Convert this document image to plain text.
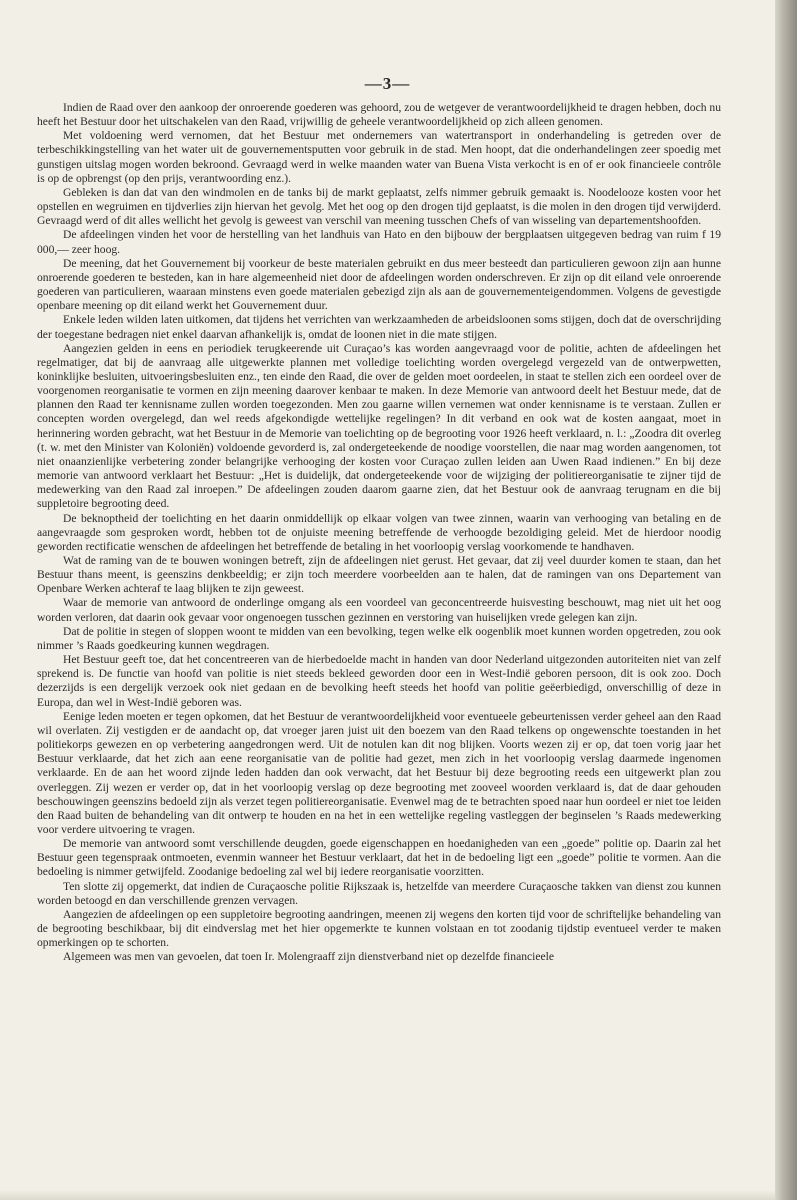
—3—

Indien de Raad over den aankoop der onroerende goederen was gehoord, zou de wetgever de verantwoordelijkheid te dragen hebben, doch nu heeft het Bestuur door het uitschakelen van den Raad, vrijwillig de geheele verantwoordelijkheid op zich alleen genomen.

Met voldoening werd vernomen, dat het Bestuur met ondernemers van watertransport in onderhandeling is getreden over de terbeschikkingstelling van het water uit de gouvernementsputten voor gebruik in de stad. Men hoopt, dat die onderhandelingen zeer spoedig met gunstigen uitslag mogen worden bekroond. Gevraagd werd in welke maanden water van Buena Vista verkocht is en of er ook financieele contrôle is op de opbrengst (op den prijs, verantwoording enz.).

Gebleken is dan dat van den windmolen en de tanks bij de markt geplaatst, zelfs nimmer gebruik gemaakt is. Noodelooze kosten voor het opstellen en wegruimen en tijdverlies zijn hiervan het gevolg. Met het oog op den drogen tijd geplaatst, is die molen in den drogen tijd verwijderd. Gevraagd werd of dit alles wellicht het gevolg is geweest van verschil van meening tusschen Chefs of van wisseling van departementshoofden.

De afdeelingen vinden het voor de herstelling van het landhuis van Hato en den bijbouw der bergplaatsen uitgegeven bedrag van ruim f 19 000,— zeer hoog.

De meening, dat het Gouvernement bij voorkeur de beste materialen gebruikt en dus meer besteedt dan particulieren gewoon zijn aan hunne onroerende goederen te besteden, kan in hare algemeenheid niet door de afdeelingen worden onderschreven. Er zijn op dit eiland vele onroerende goederen van particulieren, waaraan minstens even goede materialen gebezigd zijn als aan de gouvernementeigendommen. Volgens de gevestigde openbare meening op dit eiland werkt het Gouvernement duur.

Enkele leden wilden laten uitkomen, dat tijdens het verrichten van werkzaamheden de arbeidsloonen soms stijgen, doch dat de overschrijding der toegestane bedragen niet enkel daarvan afhankelijk is, omdat de loonen niet in die mate stijgen.

Aangezien gelden in eens en periodiek terugkeerende uit Curaçao’s kas worden aangevraagd voor de politie, achten de afdeelingen het regelmatiger, dat bij de aanvraag alle uitgewerkte plannen met volledige toelichting worden overgelegd vergezeld van de ontwerpwetten, koninklijke besluiten, uitvoeringsbesluiten enz., ten einde den Raad, die over de gelden moet oordeelen, in staat te stellen zich een oordeel over de voorgenomen reorganisatie te vormen en zijn meening daarover kenbaar te maken. In deze Memorie van antwoord deelt het Bestuur mede, dat de plannen den Raad ter kennisname zullen worden toegezonden. Men zou gaarne willen vernemen wat onder kennisname is te verstaan. Zullen er concepten worden overgelegd, dan wel reeds afgekondigde wettelijke regelingen? In dit verband en ook wat de kosten aangaat, moet in herinnering worden gebracht, wat het Bestuur in de Memorie van toelichting op de begrooting voor 1926 heeft verklaard, n. l.: „Zoodra dit overleg (t. w. met den Minister van Koloniën) voldoende gevorderd is, zal ondergeteekende de noodige voorstellen, die naar mag worden aangenomen, tot niet onaanzienlijke verbetering zonder belangrijke verhooging der kosten voor Curaçao zullen leiden aan Uwen Raad indienen.” En bij deze memorie van antwoord verklaart het Bestuur: „Het is duidelijk, dat ondergeteekende voor de wijziging der politiereorganisatie te zijner tijd de medewerking van den Raad zal inroepen.” De afdeelingen zouden daarom gaarne zien, dat het Bestuur ook de aanvraag terugnam en die bij suppletoire begrooting deed.

De beknoptheid der toelichting en het daarin onmiddellijk op elkaar volgen van twee zinnen, waarin van verhooging van betaling en de aangevraagde som gesproken wordt, hebben tot de onjuiste meening betreffende de verhoogde bezoldiging geleid. Met de hierdoor noodig geworden rectificatie wenschen de afdeelingen het betreffende de betaling in het voorloopig verslag voorkomende te handhaven.

Wat de raming van de te bouwen woningen betreft, zijn de afdeelingen niet gerust. Het gevaar, dat zij veel duurder komen te staan, dan het Bestuur thans meent, is geenszins denkbeeldig; er zijn toch meerdere voorbeelden aan te halen, dat de ramingen van ons Departement van Openbare Werken achteraf te laag blijken te zijn geweest.

Waar de memorie van antwoord de onderlinge omgang als een voordeel van geconcentreerde huisvesting beschouwt, mag niet uit het oog worden verloren, dat daarin ook gevaar voor ongenoegen tusschen gezinnen en verstoring van huiselijken vrede gelegen kan zijn.

Dat de politie in stegen of sloppen woont te midden van een bevolking, tegen welke elk oogenblik moet kunnen worden opgetreden, zou ook nimmer ’s Raads goedkeuring kunnen wegdragen.

Het Bestuur geeft toe, dat het concentreeren van de hierbedoelde macht in handen van door Nederland uitgezonden autoriteiten niet van zelf sprekend is. De functie van hoofd van politie is niet steeds bekleed geworden door een in West-Indië geboren persoon, dit is ook zoo. Doch dezerzijds is een dergelijk verzoek ook niet gedaan en de bevolking heeft steeds het hoofd van politie geëerbiedigd, onverschillig of deze in Europa, dan wel in West-Indië geboren was.

Eenige leden moeten er tegen opkomen, dat het Bestuur de verantwoordelijkheid voor eventueele gebeurtenissen verder geheel aan den Raad wil overlaten. Zij vestigden er de aandacht op, dat vroeger jaren juist uit den boezem van den Raad telkens op ongewenschte toestanden in het politiekorps gewezen en op verbetering aangedrongen werd. Uit de notulen kan dit nog blijken. Voorts wezen zij er op, dat toen vorig jaar het Bestuur verklaarde, dat het zich aan eene reorganisatie van de politie had gezet, men zich in het voorloopig verslag daarmede ingenomen verklaarde. En de aan het woord zijnde leden hadden dan ook verwacht, dat het Bestuur bij deze begrooting reeds een uitgewerkt plan zou overleggen. Zij wezen er verder op, dat in het voorloopig verslag op deze begrooting met zooveel woorden verklaard is, dat de daar gehouden beschouwingen geenszins bedoeld zijn als verzet tegen politiereorganisatie. Evenwel mag de te betrachten spoed naar hun oordeel er niet toe leiden den Raad buiten de behandeling van dit ontwerp te houden en na het in een wettelijke regeling vastleggen der beginselen ’s Raads medewerking voor verdere uitvoering te vragen.

De memorie van antwoord somt verschillende deugden, goede eigenschappen en hoedanigheden van een „goede” politie op. Daarin zal het Bestuur geen tegenspraak ontmoeten, evenmin wanneer het Bestuur verklaart, dat het in de bedoeling ligt een „goede” politie te vormen. Aan die bedoeling is nimmer getwijfeld. Zoodanige bedoeling zal wel bij iedere reorganisatie voorzitten.

Ten slotte zij opgemerkt, dat indien de Curaçaosche politie Rijkszaak is, hetzelfde van meerdere Curaçaosche takken van dienst zou kunnen worden betoogd en dan verschillende grenzen vervagen.

Aangezien de afdeelingen op een suppletoire begrooting aandringen, meenen zij wegens den korten tijd voor de schriftelijke behandeling van de begrooting beschikbaar, bij dit eindverslag met het hier opgemerkte te kunnen volstaan en tot zoodanig tijdstip eventueel verder te maken opmerkingen op te schorten.

Algemeen was men van gevoelen, dat toen Ir. Molengraaff zijn dienstverband niet op dezelfde financieele
